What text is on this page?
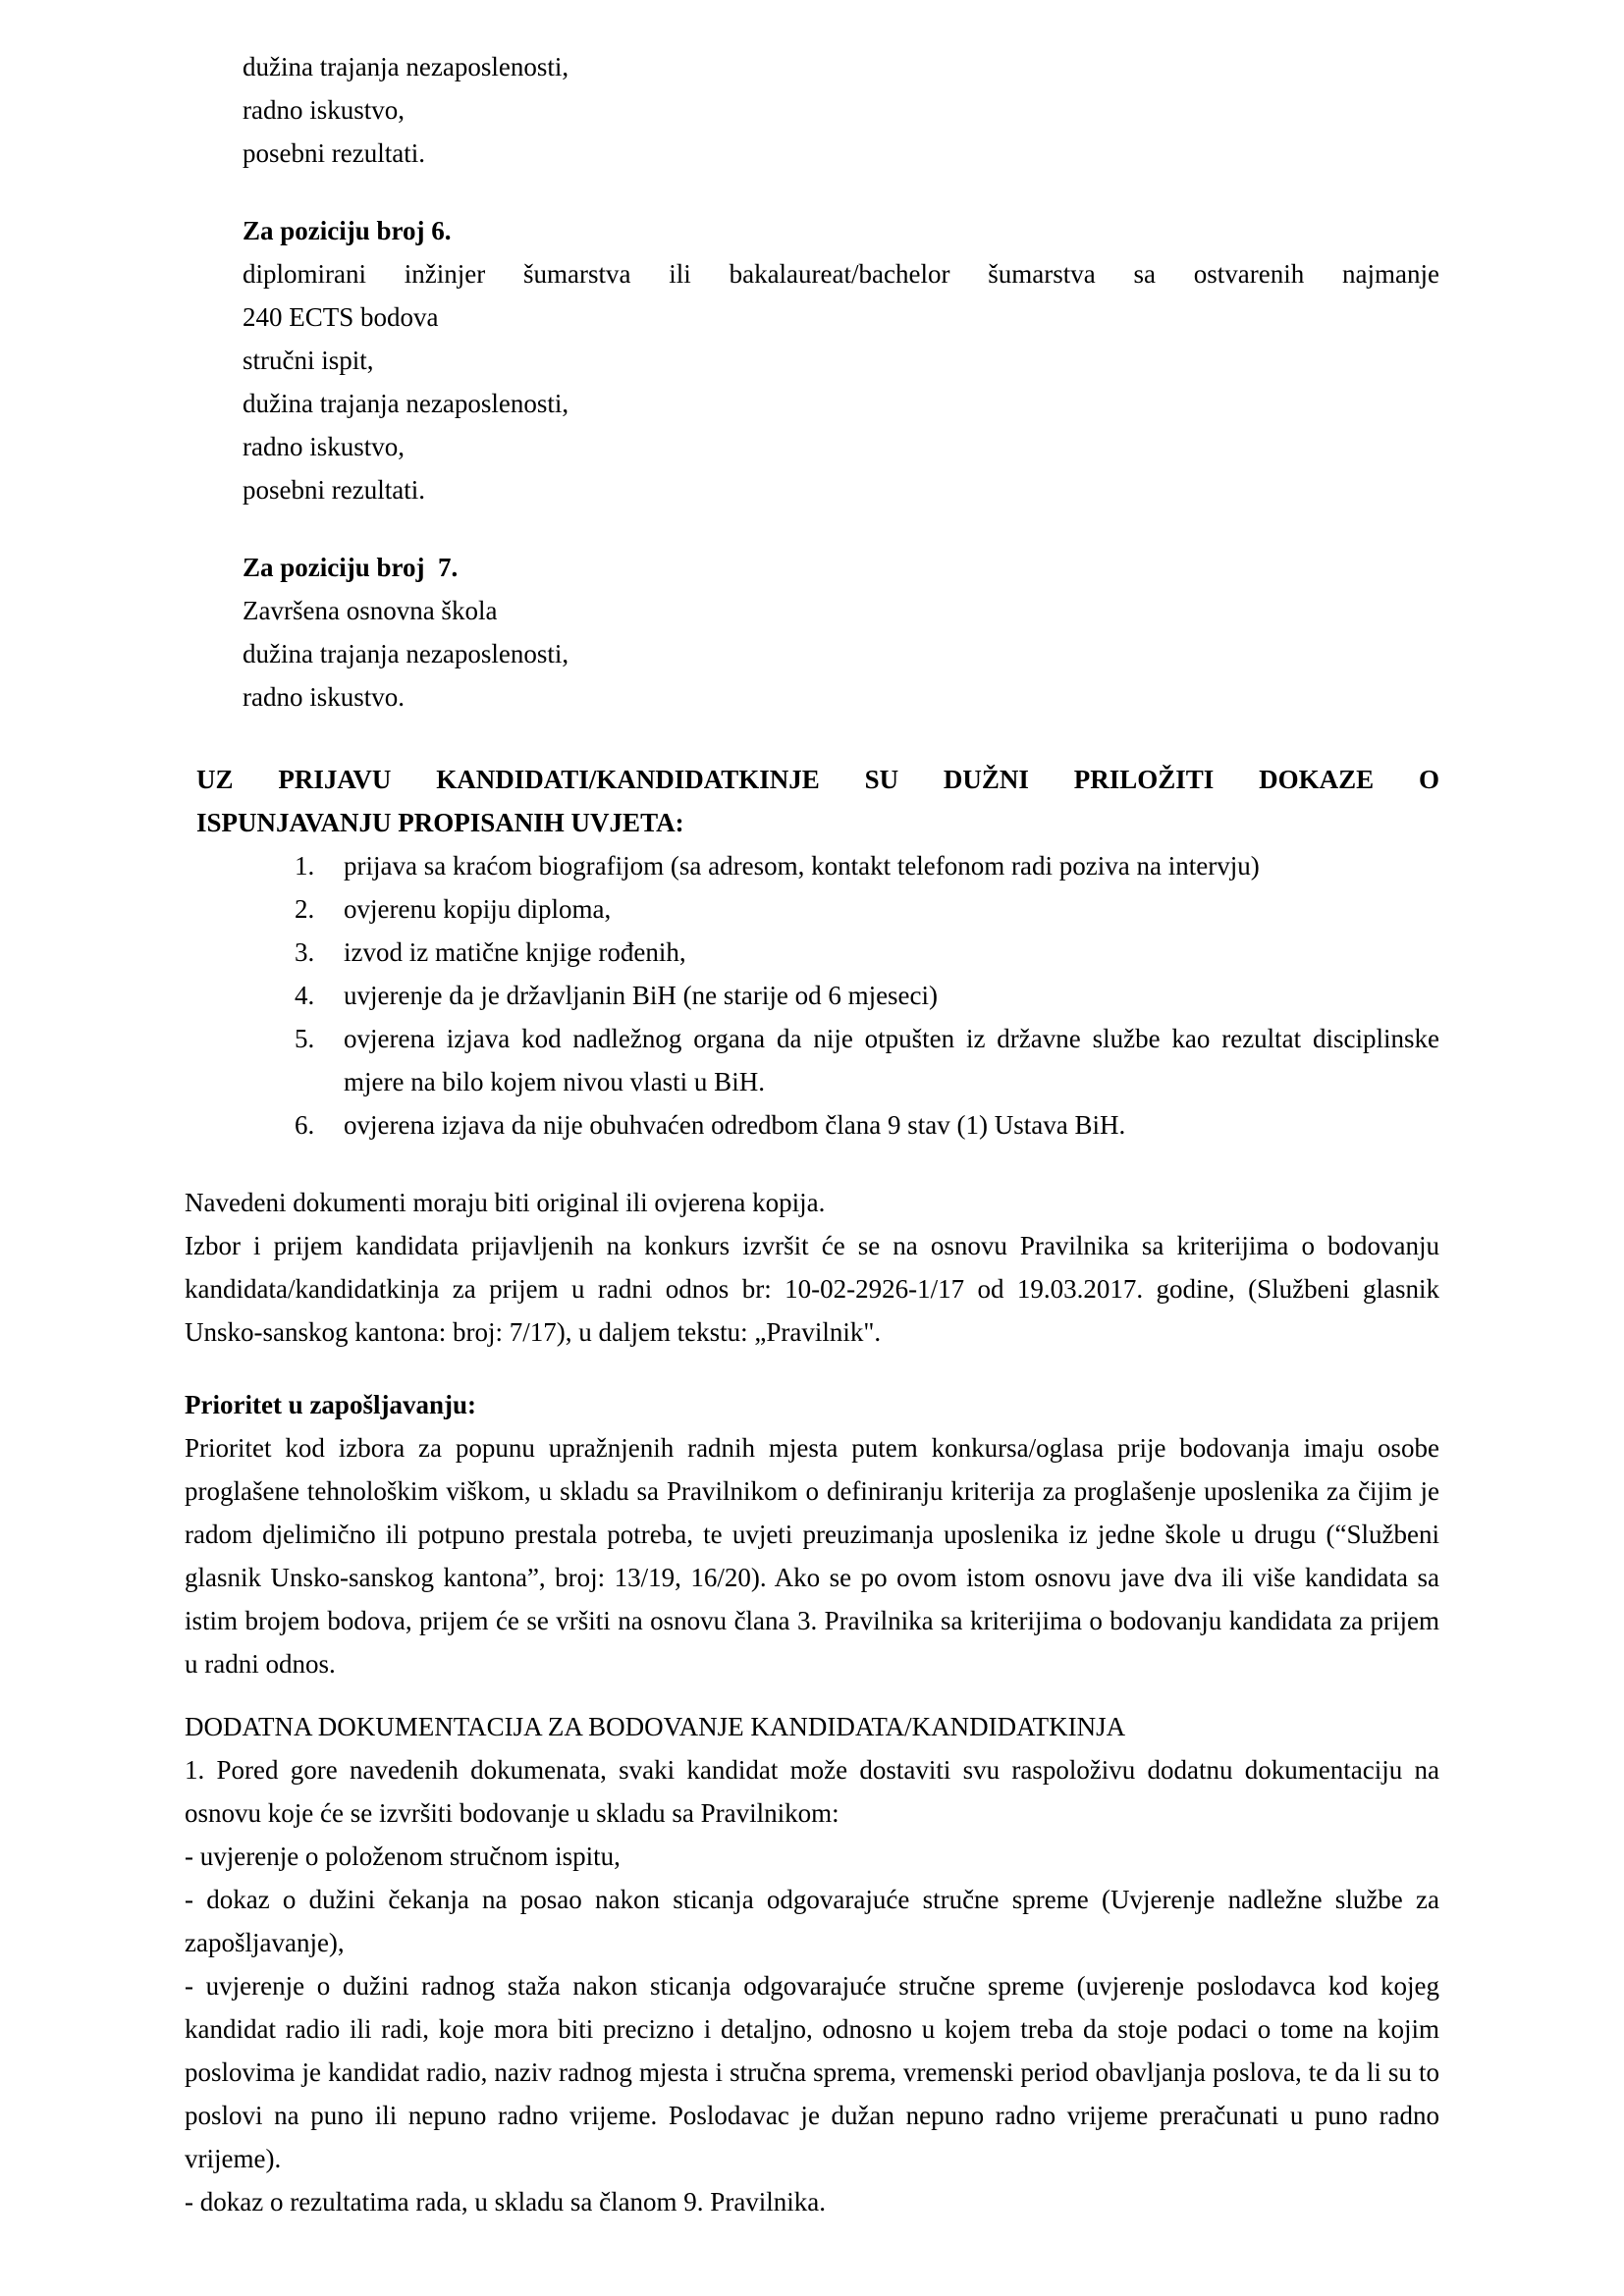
dužina trajanja nezaposlenosti,
radno iskustvo,
posebni rezultati.
Za poziciju broj 6.
diplomirani inžinjer šumarstva ili bakalaureat/bachelor šumarstva sa ostvarenih najmanje
240 ECTS bodova
stručni ispit,
dužina trajanja nezaposlenosti,
radno iskustvo,
posebni rezultati.
Za poziciju broj  7.
Završena osnovna škola
dužina trajanja nezaposlenosti,
radno iskustvo.
UZ PRIJAVU KANDIDATI/KANDIDATKINJE SU DUŽNI PRILOŽITI DOKAZE O
ISPUNJAVANJU PROPISANIH UVJETA:
1. prijava sa kraćom biografijom (sa adresom, kontakt telefonom radi poziva na intervju)
2. ovjerenu kopiju diploma,
3. izvod iz matične knjige rođenih,
4. uvjerenje da je državljanin BiH (ne starije od 6 mjeseci)
5. ovjerena izjava kod nadležnog organa da nije otpušten iz državne službe kao rezultat disciplinske mjere na bilo kojem nivou vlasti u BiH.
6. ovjerena izjava da nije obuhvaćen odredbom člana 9 stav (1) Ustava BiH.
Navedeni dokumenti moraju biti original ili ovjerena kopija.
Izbor i prijem kandidata prijavljenih na konkurs izvršit će se na osnovu Pravilnika sa kriterijima o bodovanju kandidata/kandidatkinja za prijem u radni odnos br: 10-02-2926-1/17 od 19.03.2017. godine, (Službeni glasnik Unsko-sanskog kantona: broj: 7/17), u daljem tekstu: „Pravilnik".
Prioritet u zapošljavanju:
Prioritet kod izbora za popunu upražnjenih radnih mjesta putem konkursa/oglasa prije bodovanja imaju osobe proglašene tehnološkim viškom, u skladu sa Pravilnikom o definiranju kriterija za proglašenje uposlenika za čijim je radom djelimično ili potpuno prestala potreba, te uvjeti preuzimanja uposlenika iz jedne škole u drugu (“Službeni glasnik Unsko-sanskog kantona”, broj: 13/19, 16/20). Ako se po ovom istom osnovu jave dva ili više kandidata sa istim brojem bodova, prijem će se vršiti na osnovu člana 3. Pravilnika sa kriterijima o bodovanju kandidata za prijem u radni odnos.
DODATNA DOKUMENTACIJA ZA BODOVANJE KANDIDATA/KANDIDATKINJA
1. Pored gore navedenih dokumenata, svaki kandidat može dostaviti svu raspoloživu dodatnu dokumentaciju na osnovu koje će se izvršiti bodovanje u skladu sa Pravilnikom:
- uvjerenje o položenom stručnom ispitu,
- dokaz o dužini čekanja na posao nakon sticanja odgovarajuće stručne spreme (Uvjerenje nadležne službe za zapošljavanje),
- uvjerenje o dužini radnog staža nakon sticanja odgovarajuće stručne spreme (uvjerenje poslodavca kod kojeg kandidat radio ili radi, koje mora biti precizno i detaljno, odnosno u kojem treba da stoje podaci o tome na kojim poslovima je kandidat radio, naziv radnog mjesta i stručna sprema, vremenski period obavljanja poslova, te da li su to poslovi na puno ili nepuno radno vrijeme. Poslodavac je dužan nepuno radno vrijeme preračunati u puno radno vrijeme).
- dokaz o rezultatima rada, u skladu sa članom 9. Pravilnika.
